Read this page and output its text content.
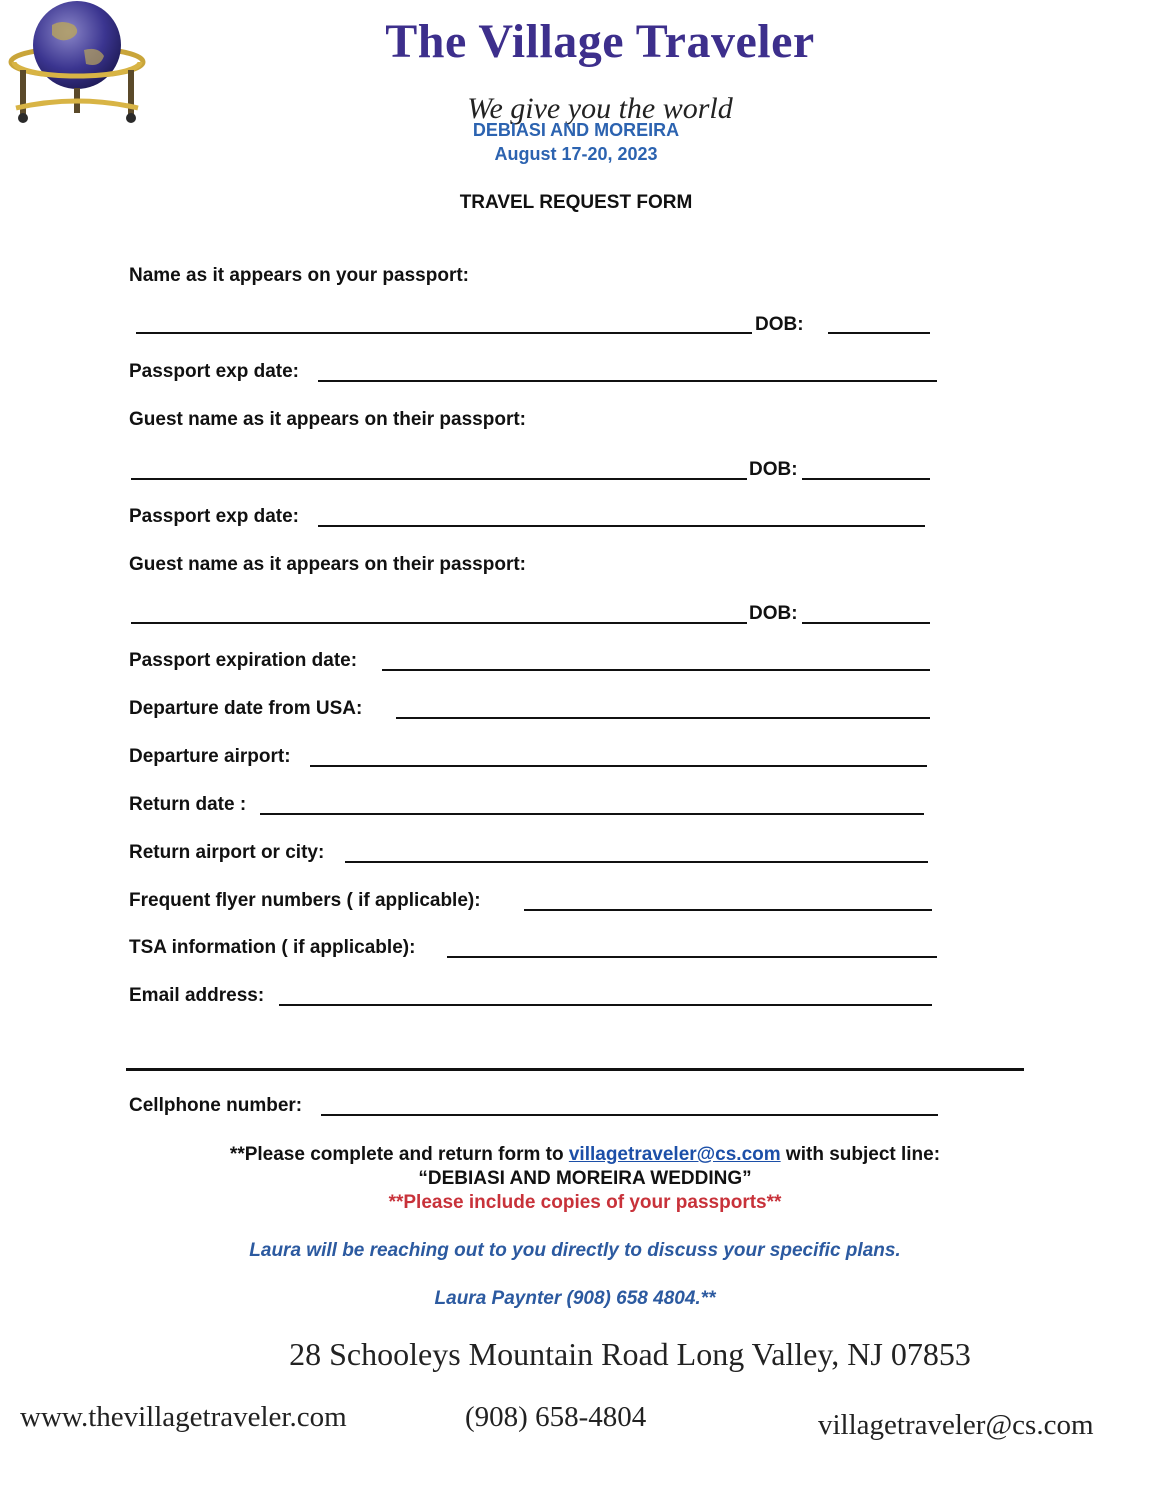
The Village Traveler
We give you the world
DEBIASI AND MOREIRA
August 17-20, 2023
TRAVEL REQUEST FORM
Name as it appears on your passport:
DOB:
Passport exp date:
Guest name as it appears on their passport:
DOB:
Passport exp date:
Guest name as it appears on their passport:
DOB:
Passport expiration date:
Departure date from USA:
Departure airport:
Return date :
Return airport or city:
Frequent flyer numbers ( if applicable):
TSA information ( if applicable):
Email address:
Cellphone number:
**Please complete and return form to villagetraveler@cs.com with subject line:
“DEBIASI AND MOREIRA WEDDING”
**Please include copies of your passports**
Laura will be reaching out to you directly to discuss your specific plans.
Laura Paynter (908) 658 4804.**
28 Schooleys Mountain Road Long Valley, NJ 07853
www.thevillagetraveler.com	(908) 658-4804	villagetraveler@cs.com
